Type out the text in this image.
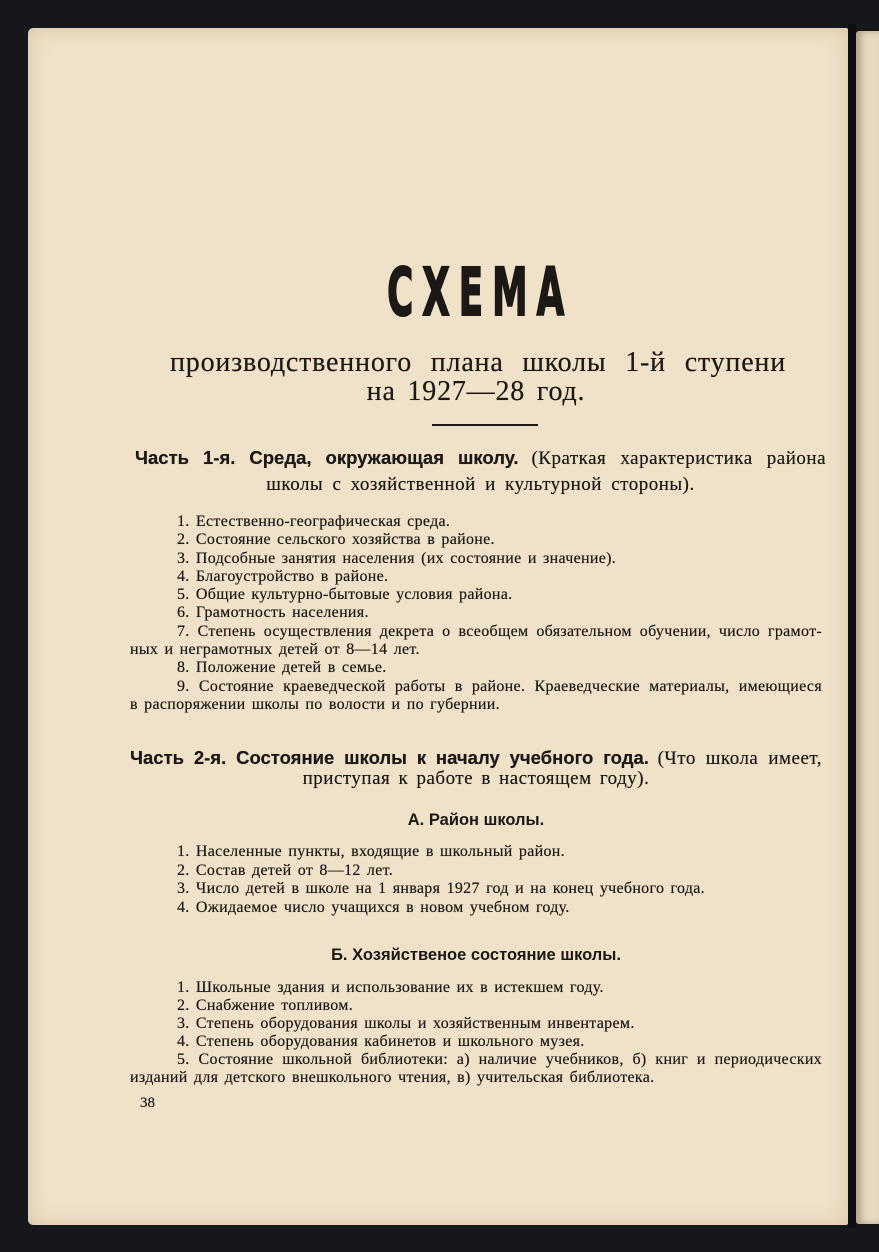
СХЕМА
производственного плана школы 1-й ступени
на 1927—28 год.
Часть 1-я. Среда, окружающая школу. (Краткая характеристика района
школы с хозяйственной и культурной стороны).
1. Естественно-географическая среда.
2. Состояние сельского хозяйства в районе.
3. Подсобные занятия населения (их состояние и значение).
4. Благоустройство в районе.
5. Общие культурно-бытовые условия района.
6. Грамотность населения.
7. Степень осуществления декрета о всеобщем обязательном обучении, число грамот-
ных и неграмотных детей от 8—14 лет.
8. Положение детей в семье.
9. Состояние краеведческой работы в районе. Краеведческие материалы, имеющиеся
в распоряжении школы по волости и по губернии.
Часть 2-я. Состояние школы к началу учебного года. (Что школа имеет,
приступая к работе в настоящем году).
А. Район школы.
1. Населенные пункты, входящие в школьный район.
2. Состав детей от 8—12 лет.
3. Число детей в школе на 1 января 1927 год и на конец учебного года.
4. Ожидаемое число учащихся в новом учебном году.
Б. Хозяйственое состояние школы.
1. Школьные здания и использование их в истекшем году.
2. Снабжение топливом.
3. Степень оборудования школы и хозяйственным инвентарем.
4. Степень оборудования кабинетов и школьного музея.
5. Состояние школьной библиотеки: а) наличие учебников, б) книг и периодических
изданий для детского внешкольного чтения, в) учительская библиотека.
38
